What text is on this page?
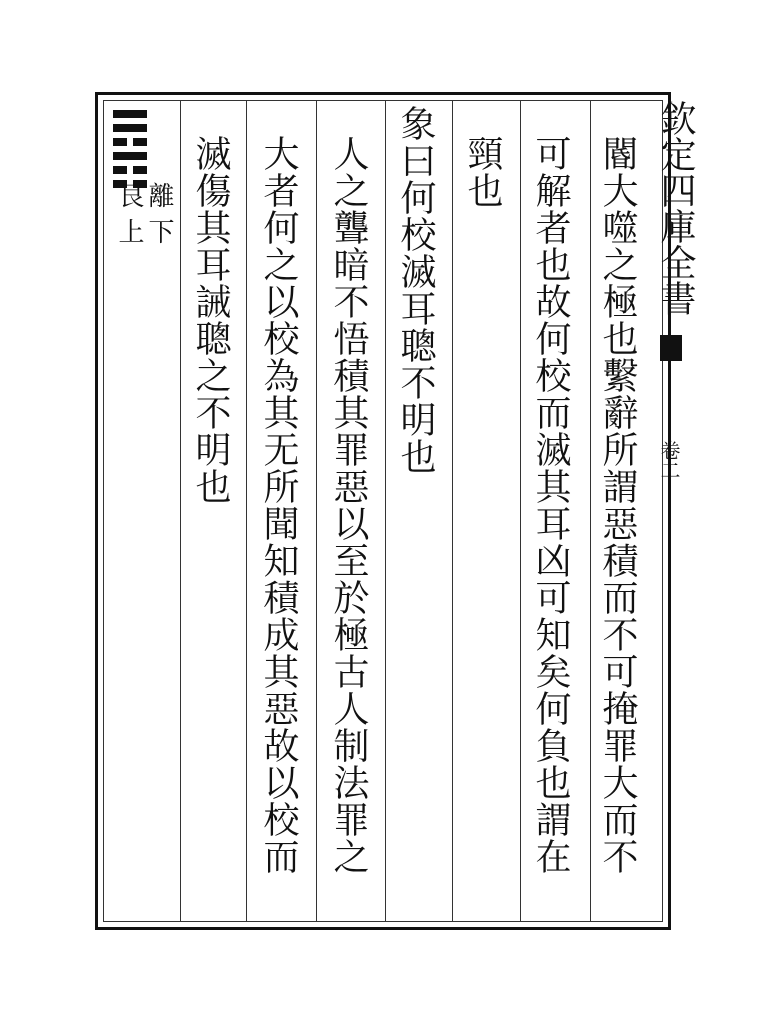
欽定四庫全書
卷二
閽大噬之極也繫辭所謂惡積而不可掩罪大而不
可解者也故何校而滅其耳凶可知矣何負也謂在
頸也
象曰何校滅耳聰不明也
人之聾暗不悟積其罪惡以至於極古人制法罪之
大者何之以校為其无所聞知積成其惡故以校而
滅傷其耳誡聰之不明也
離
下
艮
上
